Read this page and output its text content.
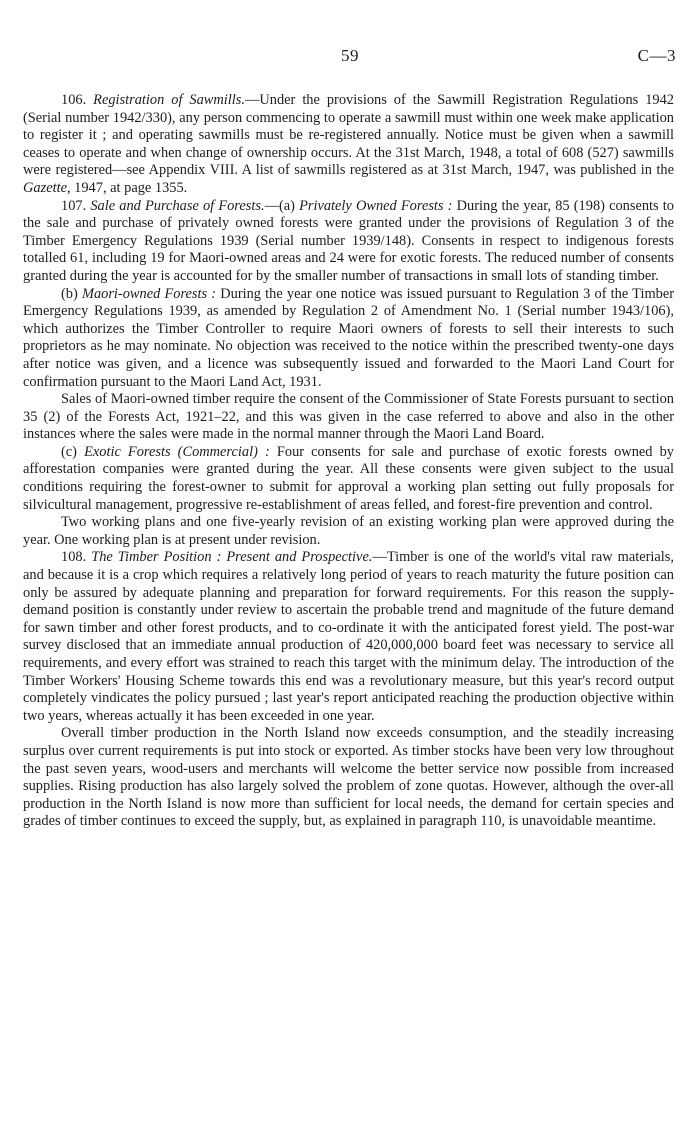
59	C—3

106. Registration of Sawmills.—Under the provisions of the Sawmill Registration Regulations 1942 (Serial number 1942/330), any person commencing to operate a sawmill must within one week make application to register it ; and operating sawmills must be re-registered annually. Notice must be given when a sawmill ceases to operate and when change of ownership occurs. At the 31st March, 1948, a total of 608 (527) sawmills were registered—see Appendix VIII. A list of sawmills registered as at 31st March, 1947, was published in the Gazette, 1947, at page 1355.

107. Sale and Purchase of Forests.—(a) Privately Owned Forests : During the year, 85 (198) consents to the sale and purchase of privately owned forests were granted under the provisions of Regulation 3 of the Timber Emergency Regulations 1939 (Serial number 1939/148). Consents in respect to indigenous forests totalled 61, including 19 for Maori-owned areas and 24 were for exotic forests. The reduced number of consents granted during the year is accounted for by the smaller number of transactions in small lots of standing timber.

(b) Maori-owned Forests : During the year one notice was issued pursuant to Regulation 3 of the Timber Emergency Regulations 1939, as amended by Regulation 2 of Amendment No. 1 (Serial number 1943/106), which authorizes the Timber Controller to require Maori owners of forests to sell their interests to such proprietors as he may nominate. No objection was received to the notice within the prescribed twenty-one days after notice was given, and a licence was subsequently issued and forwarded to the Maori Land Court for confirmation pursuant to the Maori Land Act, 1931.

Sales of Maori-owned timber require the consent of the Commissioner of State Forests pursuant to section 35 (2) of the Forests Act, 1921–22, and this was given in the case referred to above and also in the other instances where the sales were made in the normal manner through the Maori Land Board.

(c) Exotic Forests (Commercial) : Four consents for sale and purchase of exotic forests owned by afforestation companies were granted during the year. All these consents were given subject to the usual conditions requiring the forest-owner to submit for approval a working plan setting out fully proposals for silvicultural management, progressive re-establishment of areas felled, and forest-fire prevention and control.

Two working plans and one five-yearly revision of an existing working plan were approved during the year. One working plan is at present under revision.

108. The Timber Position : Present and Prospective.—Timber is one of the world's vital raw materials, and because it is a crop which requires a relatively long period of years to reach maturity the future position can only be assured by adequate planning and preparation for forward requirements. For this reason the supply-demand position is constantly under review to ascertain the probable trend and magnitude of the future demand for sawn timber and other forest products, and to co-ordinate it with the anticipated forest yield. The post-war survey disclosed that an immediate annual production of 420,000,000 board feet was necessary to service all requirements, and every effort was strained to reach this target with the minimum delay. The introduction of the Timber Workers' Housing Scheme towards this end was a revolutionary measure, but this year's record output completely vindicates the policy pursued ; last year's report anticipated reaching the production objective within two years, whereas actually it has been exceeded in one year.

Overall timber production in the North Island now exceeds consumption, and the steadily increasing surplus over current requirements is put into stock or exported. As timber stocks have been very low throughout the past seven years, wood-users and merchants will welcome the better service now possible from increased supplies. Rising production has also largely solved the problem of zone quotas. However, although the over-all production in the North Island is now more than sufficient for local needs, the demand for certain species and grades of timber continues to exceed the supply, but, as explained in paragraph 110, is unavoidable meantime.
